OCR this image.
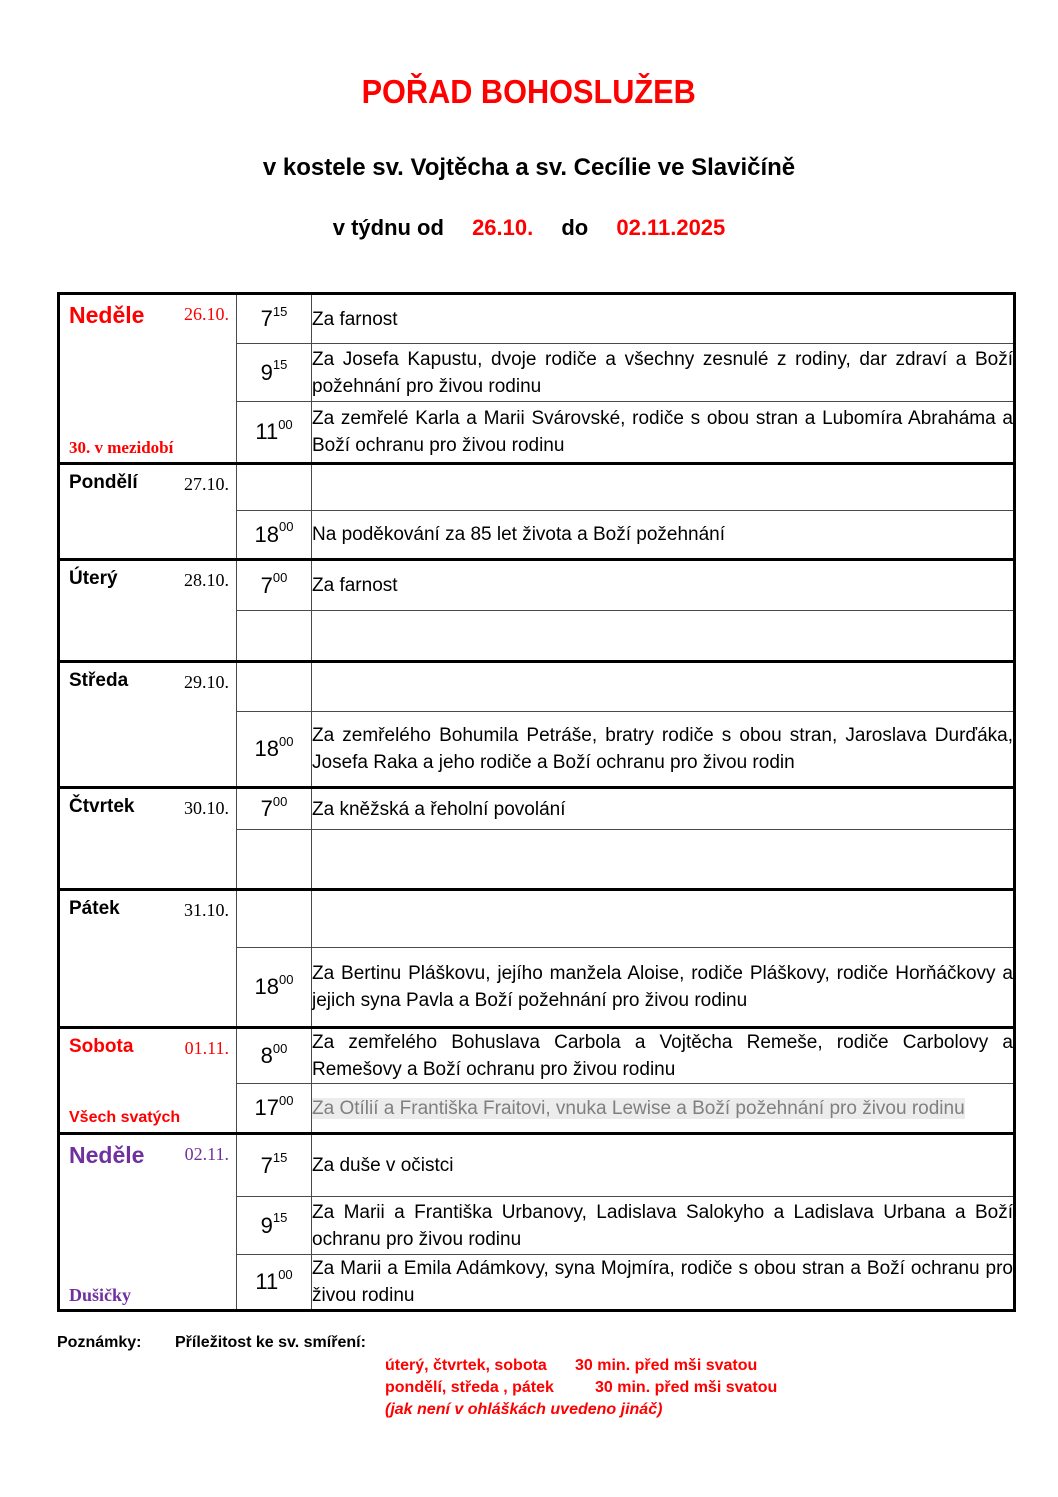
POŘAD BOHOSLUŽEB
v kostele sv. Vojtěcha a sv. Cecílie ve Slavičíně
v týdnu od 26.10. do 02.11.2025
Neděle 26.10.
30. v mezidobí	$7^{15}$	Za farnost
	$9^{15}$	Za Josefa Kapustu, dvoje rodiče a všechny zesnulé z rodiny, dar zdraví a Boží požehnání pro živou rodinu
	$11^{00}$	Za zemřelé Karla a Marii Svárovské, rodiče s obou stran a Lubomíra Abraháma a Boží ochranu pro živou rodinu

Pondělí 27.10.		

	$18^{00}$	Na poděkování za 85 let života a Boží požehnání

Úterý 28.10.	$7^{00}$	Za farnost

Středa 29.10.		

	$18^{00}$	Za zemřelého Bohumila Petráše, bratry rodiče s obou stran, Jaroslava Durďáka, Josefa Raka a jeho rodiče a Boží ochranu pro živou rodin

Čtvrtek 30.10.	$7^{00}$	Za kněžská a řeholní povolání

Pátek 31.10.		

	$18^{00}$	Za Bertinu Pláškovu, jejího manžela Aloise, rodiče Pláškovy, rodiče Horňáčkovy a jejich syna Pavla a Boží požehnání pro živou rodinu

Sobota 01.11.
Všech svatých	$8^{00}$	Za zemřelého Bohuslava Carbola a Vojtěcha Remeše, rodiče Carbolovy a Remešovy a Boží ochranu pro živou rodinu
	$17^{00}$	Za Otílií a Františka Fraitovi, vnuka Lewise a Boží požehnání pro živou rodinu

Neděle 02.11.
Dušičky	$7^{15}$	Za duše v očistci
	$9^{15}$	Za Marii a Františka Urbanovy, Ladislava Salokyho a Ladislava Urbana a Boží ochranu pro živou rodinu
	$11^{00}$	Za Marii a Emila Adámkovy, syna Mojmíra, rodiče s obou stran a Boží ochranu pro živou rodinu
Poznámky:	Příležitost ke sv. smíření:
úterý, čtvrtek, sobota	30 min. před mši svatou
pondělí, středa , pátek	30 min. před mši svatou
(jak není v ohláškách uvedeno jináč)
